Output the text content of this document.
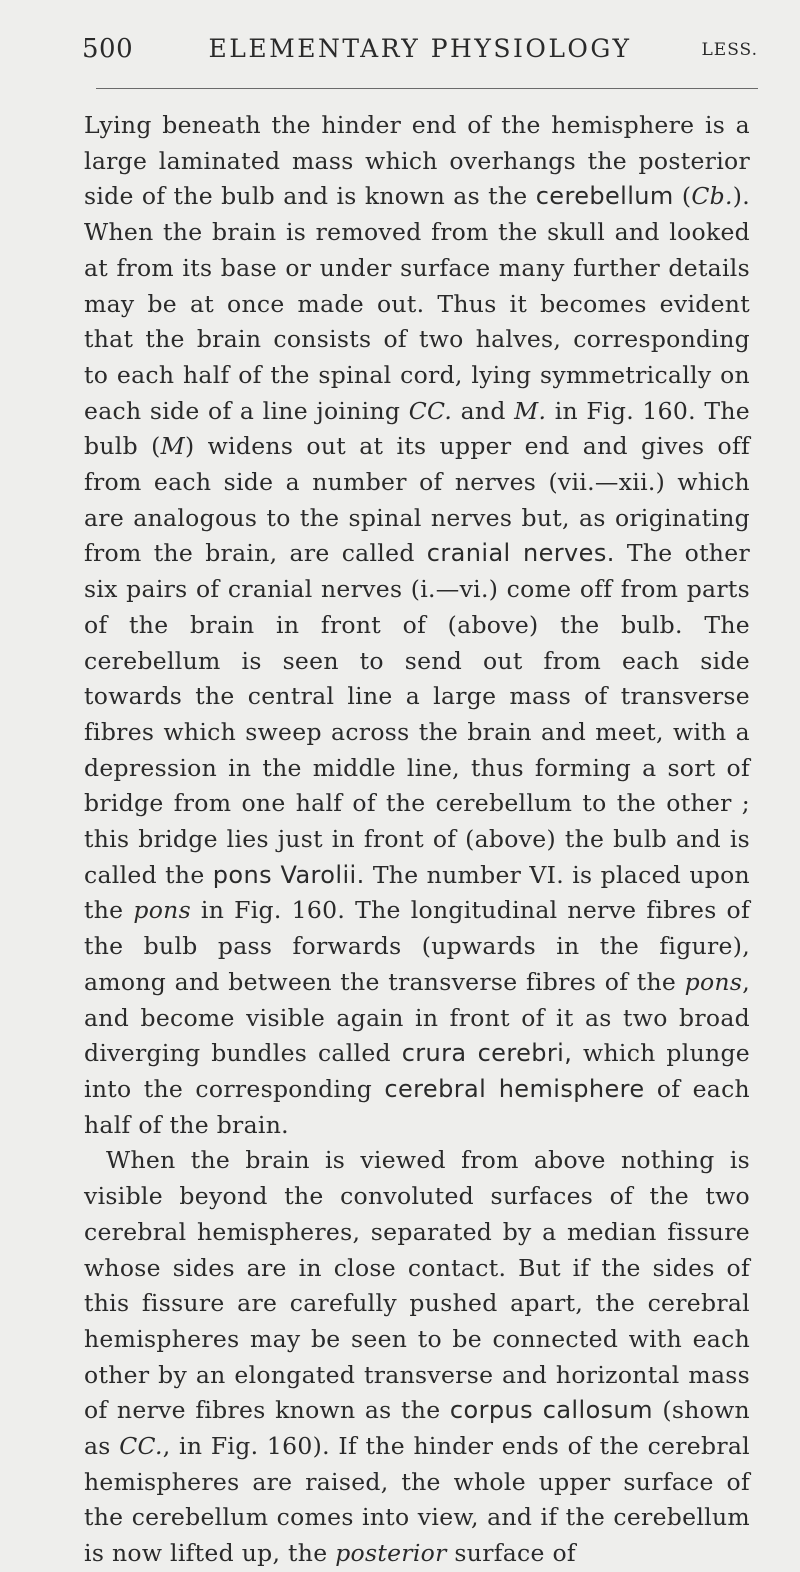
500	ELEMENTARY PHYSIOLOGY	LESS.

Lying beneath the hinder end of the hemisphere is a large laminated mass which overhangs the posterior side of the bulb and is known as the cerebellum (Cb.). When the brain is removed from the skull and looked at from its base or under surface many further details may be at once made out. Thus it becomes evident that the brain consists of two halves, corresponding to each half of the spinal cord, lying symmetrically on each side of a line joining CC. and M. in Fig. 160. The bulb (M) widens out at its upper end and gives off from each side a number of nerves (vii.—xii.) which are analogous to the spinal nerves but, as originating from the brain, are called cranial nerves. The other six pairs of cranial nerves (i.—vi.) come off from parts of the brain in front of (above) the bulb. The cerebellum is seen to send out from each side towards the central line a large mass of transverse fibres which sweep across the brain and meet, with a depression in the middle line, thus forming a sort of bridge from one half of the cerebellum to the other ; this bridge lies just in front of (above) the bulb and is called the pons Varolii. The number VI. is placed upon the pons in Fig. 160. The longitudinal nerve fibres of the bulb pass forwards (upwards in the figure), among and between the transverse fibres of the pons, and become visible again in front of it as two broad diverging bundles called crura cerebri, which plunge into the corresponding cerebral hemisphere of each half of the brain.

When the brain is viewed from above nothing is visible beyond the convoluted surfaces of the two cerebral hemispheres, separated by a median fissure whose sides are in close contact. But if the sides of this fissure are carefully pushed apart, the cerebral hemispheres may be seen to be connected with each other by an elongated transverse and horizontal mass of nerve fibres known as the corpus callosum (shown as CC., in Fig. 160). If the hinder ends of the cerebral hemispheres are raised, the whole upper surface of the cerebellum comes into view, and if the cerebellum is now lifted up, the posterior surface of
